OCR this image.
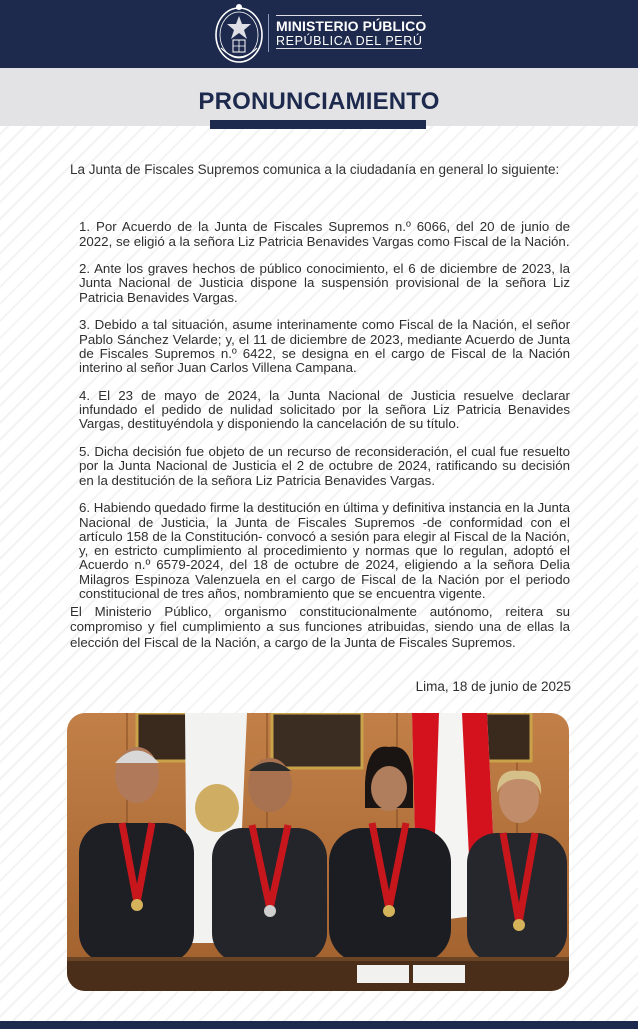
MINISTERIO PÚBLICO
REPÚBLICA DEL PERÚ
PRONUNCIAMIENTO
La Junta de Fiscales Supremos comunica a la ciudadanía en general lo siguiente:

1. Por Acuerdo de la Junta de Fiscales Supremos n.º 6066, del 20 de junio de 2022, se eligió a la señora Liz Patricia Benavides Vargas como Fiscal de la Nación.

2. Ante los graves hechos de público conocimiento, el 6 de diciembre de 2023, la Junta Nacional de Justicia dispone la suspensión provisional de la señora Liz Patricia Benavides Vargas.

3. Debido a tal situación, asume interinamente como Fiscal de la Nación, el señor Pablo Sánchez Velarde; y, el 11 de diciembre de 2023, mediante Acuerdo de Junta de Fiscales Supremos n.º 6422, se designa en el cargo de Fiscal de la Nación interino al señor Juan Carlos Villena Campana.

4. El 23 de mayo de 2024, la Junta Nacional de Justicia resuelve declarar infundado el pedido de nulidad solicitado por la señora Liz Patricia Benavides Vargas, destituyéndola y disponiendo la cancelación de su título.

5. Dicha decisión fue objeto de un recurso de reconsideración, el cual fue resuelto por la Junta Nacional de Justicia el 2 de octubre de 2024, ratificando su decisión en la destitución de la señora Liz Patricia Benavides Vargas.

6. Habiendo quedado firme la destitución en última y definitiva instancia en la Junta Nacional de Justicia, la Junta de Fiscales Supremos -de conformidad con el artículo 158 de la Constitución- convocó a sesión para elegir al Fiscal de la Nación, y, en estricto cumplimiento al procedimiento y normas que lo regulan, adoptó el Acuerdo n.º 6579-2024, del 18 de octubre de 2024, eligiendo a la señora Delia Milagros Espinoza Valenzuela en el cargo de Fiscal de la Nación por el periodo constitucional de tres años, nombramiento que se encuentra vigente.

El Ministerio Público, organismo constitucionalmente autónomo, reitera su compromiso y fiel cumplimiento a sus funciones atribuidas, siendo una de ellas la elección del Fiscal de la Nación, a cargo de la Junta de Fiscales Supremos.
Lima, 18 de junio de 2025
